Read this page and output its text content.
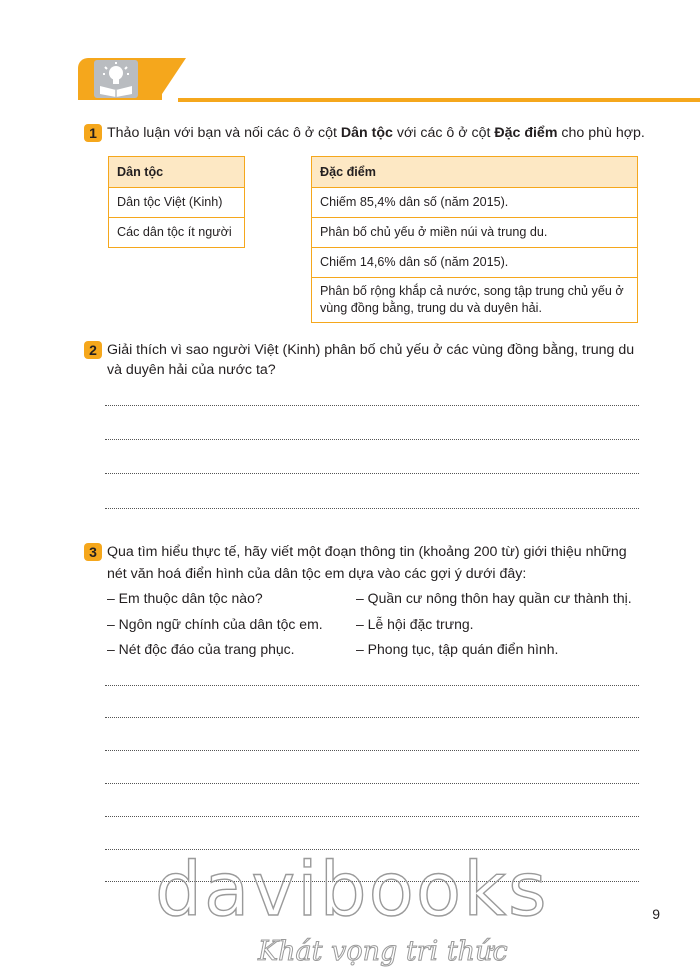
1 Thảo luận với bạn và nối các ô ở cột Dân tộc với các ô ở cột Đặc điểm cho phù hợp.
Dân tộc
Dân tộc Việt (Kinh)
Các dân tộc ít người
Đặc điểm
Chiếm 85,4% dân số (năm 2015).
Phân bố chủ yếu ở miền núi và trung du.
Chiếm 14,6% dân số (năm 2015).
Phân bố rộng khắp cả nước, song tập trung chủ yếu ở vùng đồng bằng, trung du và duyên hải.
2 Giải thích vì sao người Việt (Kinh) phân bố chủ yếu ở các vùng đồng bằng, trung du
và duyên hải của nước ta?
3 Qua tìm hiểu thực tế, hãy viết một đoạn thông tin (khoảng 200 từ) giới thiệu những
nét văn hoá điển hình của dân tộc em dựa vào các gợi ý dưới đây:
– Em thuộc dân tộc nào?
– Ngôn ngữ chính của dân tộc em.
– Nét độc đáo của trang phục.
– Quần cư nông thôn hay quần cư thành thị.
– Lễ hội đặc trưng.
– Phong tục, tập quán điển hình.
davibooks
Khát vọng tri thức
9
